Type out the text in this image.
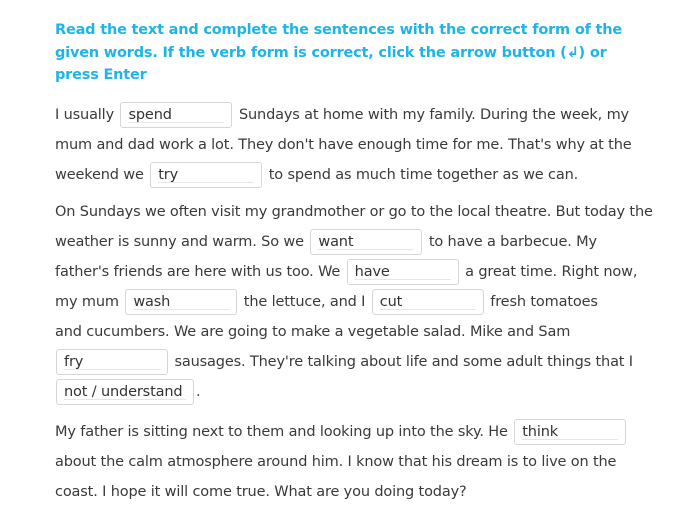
Read the text and complete the sentences with the correct form of the given words. If the verb form is correct, click the arrow button (↲) or press Enter
I usually spend	Sundays at home with my family. During the week, my
mum and dad work a lot. They don't have enough time for me. That's why at the
weekend we try	to spend as much time together as we can.
On Sundays we often visit my grandmother or go to the local theatre. But today the
weather is sunny and warm. So we want	to have a barbecue. My
father's friends are here with us too. We have	a great time. Right now,
my mum wash	the lettuce, and I cut	fresh tomatoes
and cucumbers. We are going to make a vegetable salad. Mike and Sam
fry	sausages. They're talking about life and some adult things that I
not / understand .
My father is sitting next to them and looking up into the sky. He think
about the calm atmosphere around him. I know that his dream is to live on the
coast. I hope it will come true. What are you doing today?
